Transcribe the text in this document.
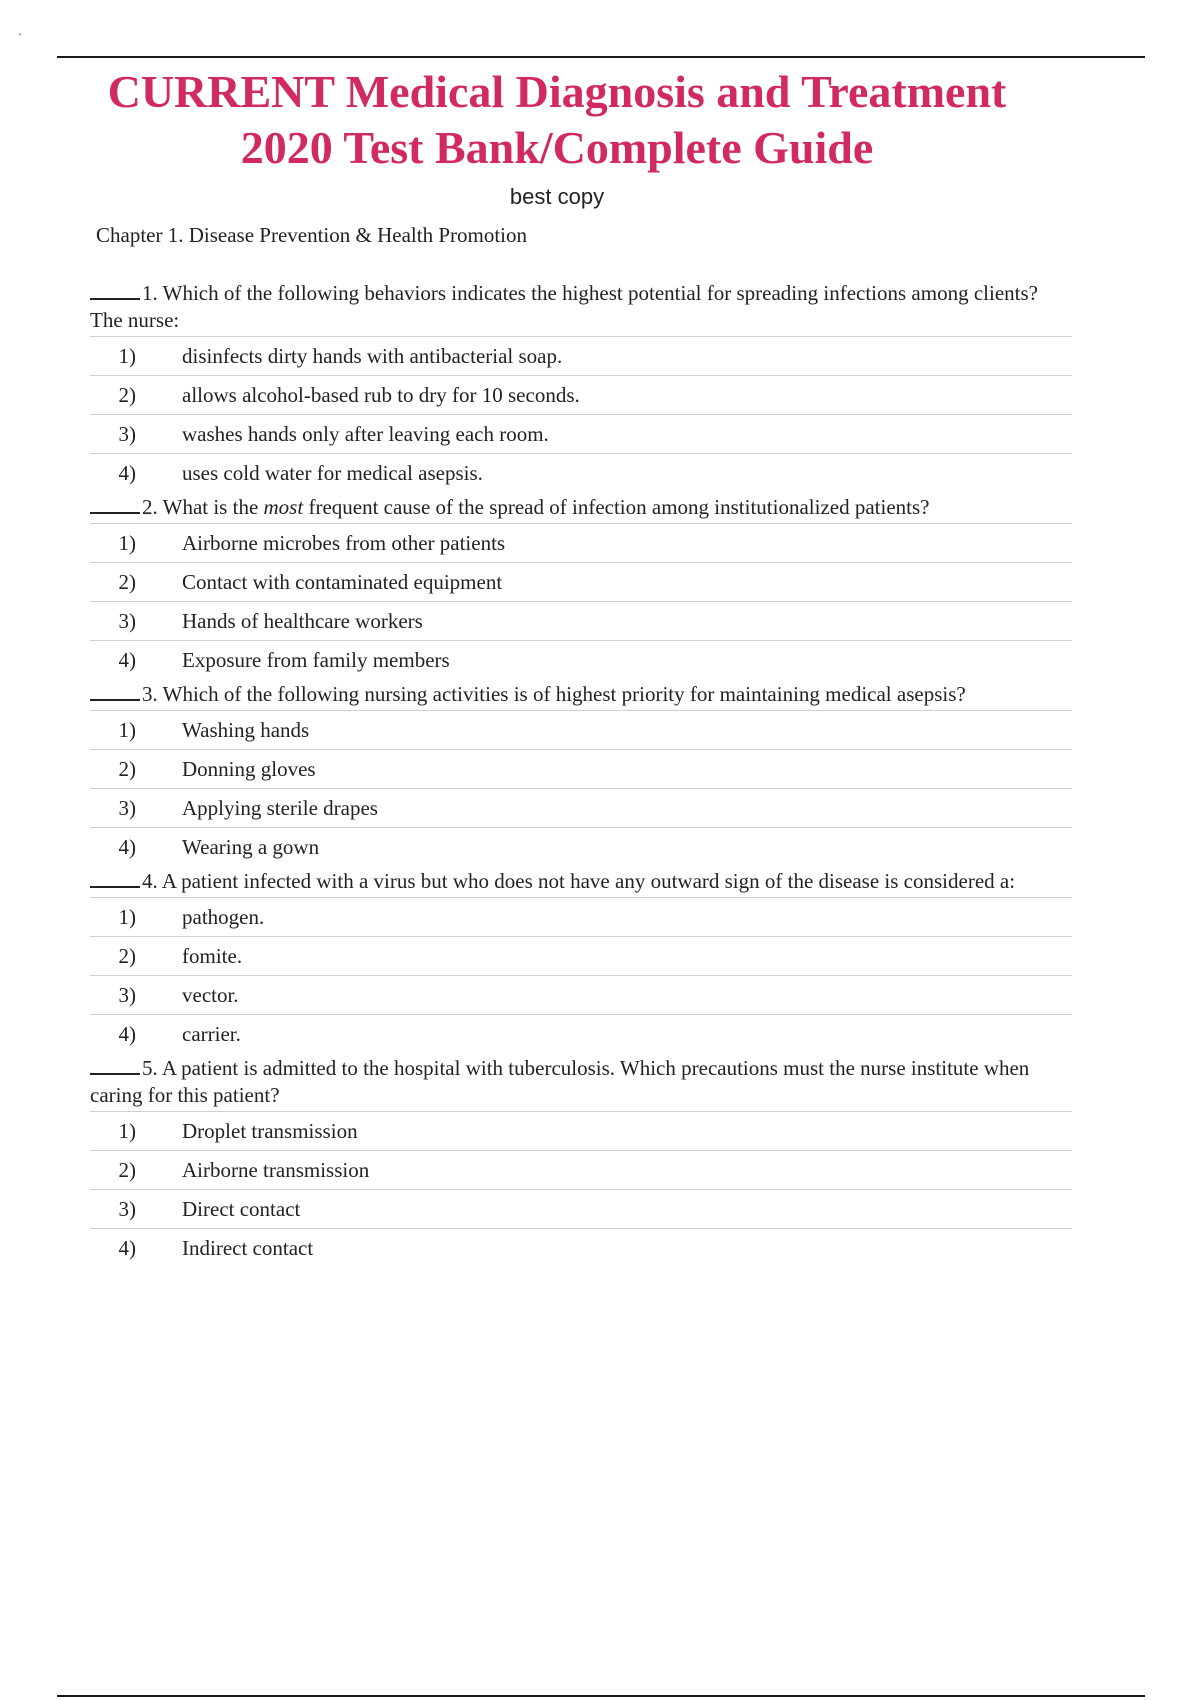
.
CURRENT Medical Diagnosis and Treatment
2020 Test Bank/Complete Guide
best copy
Chapter 1. Disease Prevention & Health Promotion

1. Which of the following behaviors indicates the highest potential for spreading infections among clients? The nurse:

1) disinfects dirty hands with antibacterial soap.
2) allows alcohol-based rub to dry for 10 seconds.
3) washes hands only after leaving each room.
4) uses cold water for medical asepsis.

2. What is the most frequent cause of the spread of infection among institutionalized patients?

1) Airborne microbes from other patients
2) Contact with contaminated equipment
3) Hands of healthcare workers
4) Exposure from family members

3. Which of the following nursing activities is of highest priority for maintaining medical asepsis?

1) Washing hands
2) Donning gloves
3) Applying sterile drapes
4) Wearing a gown

4. A patient infected with a virus but who does not have any outward sign of the disease is considered a:

1) pathogen.
2) fomite.
3) vector.
4) carrier.

5. A patient is admitted to the hospital with tuberculosis. Which precautions must the nurse institute when caring for this patient?

1) Droplet transmission
2) Airborne transmission
3) Direct contact
4) Indirect contact
